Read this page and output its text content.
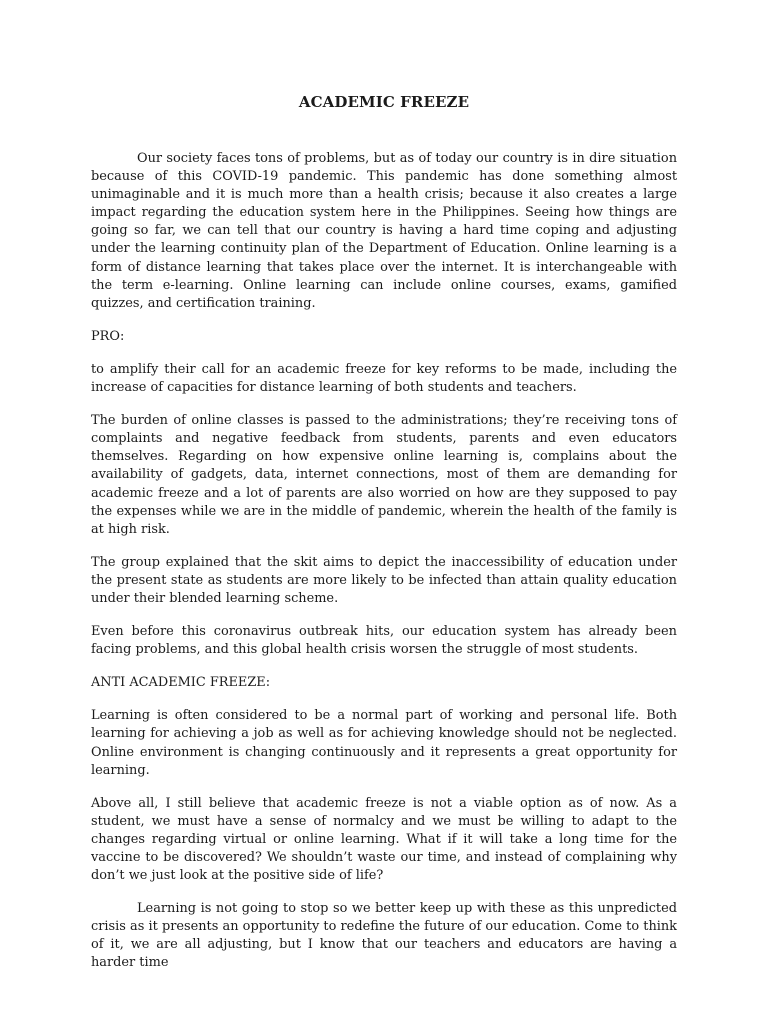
ACADEMIC FREEZE

Our society faces tons of problems, but as of today our country is in dire situation because of this COVID-19 pandemic. This pandemic has done something almost unimaginable and it is much more than a health crisis; because it also creates a large impact regarding the education system here in the Philippines. Seeing how things are going so far, we can tell that our country is having a hard time coping and adjusting under the learning continuity plan of the Department of Education. Online learning is a form of distance learning that takes place over the internet. It is interchangeable with the term e-learning. Online learning can include online courses, exams, gamified quizzes, and certification training.

PRO:

to amplify their call for an academic freeze for key reforms to be made, including the increase of capacities for distance learning of both students and teachers.

The burden of online classes is passed to the administrations; they’re receiving tons of complaints and negative feedback from students, parents and even educators themselves. Regarding on how expensive online learning is, complains about the availability of gadgets, data, internet connections, most of them are demanding for academic freeze and a lot of parents are also worried on how are they supposed to pay the expenses while we are in the middle of pandemic, wherein the health of the family is at high risk.

The group explained that the skit aims to depict the inaccessibility of education under the present state as students are more likely to be infected than attain quality education under their blended learning scheme.

Even before this coronavirus outbreak hits, our education system has already been facing problems, and this global health crisis worsen the struggle of most students.

ANTI ACADEMIC FREEZE:

Learning is often considered to be a normal part of working and personal life. Both learning for achieving a job as well as for achieving knowledge should not be neglected. Online environment is changing continuously and it represents a great opportunity for learning.

Above all, I still believe that academic freeze is not a viable option as of now. As a student, we must have a sense of normalcy and we must be willing to adapt to the changes regarding virtual or online learning. What if it will take a long time for the vaccine to be discovered? We shouldn’t waste our time, and instead of complaining why don’t we just look at the positive side of life?

Learning is not going to stop so we better keep up with these as this unpredicted crisis as it presents an opportunity to redefine the future of our education. Come to think of it, we are all adjusting, but I know that our teachers and educators are having a harder time
